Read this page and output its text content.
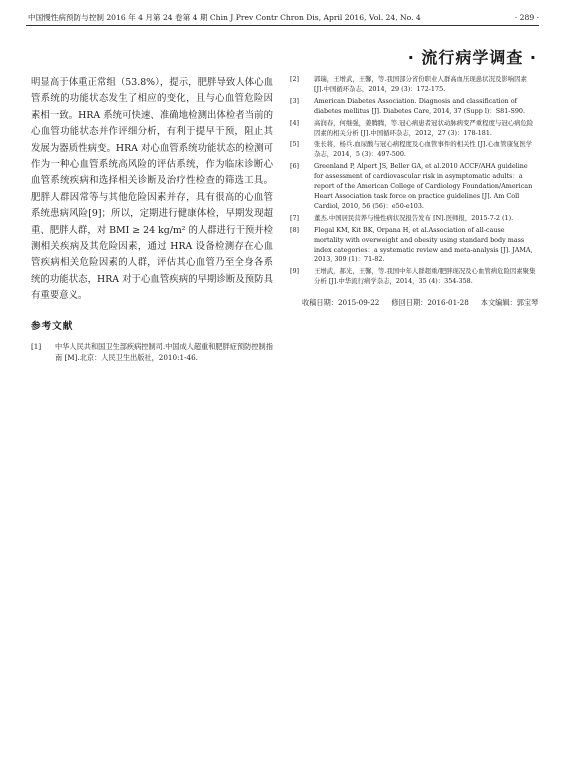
中国慢性病预防与控制 2016 年 4 月第 24 卷第 4 期 Chin J Prev Contr Chron Dis, April 2016, Vol. 24, No. 4	· 289 ·
· 流行病学调查 ·

明显高于体重正常组（53.8%），提示，肥胖导致人体心血管系统的功能状态发生了相应的变化，且与心血管危险因素相一致。HRA 系统可快速、准确地检测出体检者当前的心血管功能状态并作评细分析，有利于提早干预，阻止其发展为器质性病变。HRA 对心血管系统功能状态的检测可作为一种心血管系统高风险的评估系统，作为临床诊断心血管系统疾病和选择相关诊断及治疗性检查的筛选工具。肥胖人群因常等与其他危险因素并存，具有很高的心血管系统患病风险[9]；所以，定期进行健康体检，早期发现超重、肥胖人群，对 BMI ≥ 24 kg/m² 的人群进行干预并检测相关疾病及其危险因素，通过 HRA 设备检测存在心血管疾病相关危险因素的人群，评估其心血管乃至全身各系统的功能状态，HRA 对于心血管疾病的早期诊断及预防具有重要意义。

参考文献
[1] 中华人民共和国卫生部疾病控制司.中国成人超重和肥胖症预防控制指南 [M].北京：人民卫生出版社，2010:1-46.
[2] 郭瑞，王增武，王馨，等.我国部分省份职业人群高血压现患状况及影响因素 [J].中国循环杂志，2014，29 (3)：172-175.
[3] American Diabetes Association. Diagnosis and classification of diabetes mellitus [J]. Diabetes Care, 2014, 37 (Supp l)：S81-S90.
[4] 高润春，何继强，姜腾腾，等.冠心病患者冠状动脉病变严重程度与冠心病危险因素的相关分析 [J].中国循环杂志，2012，27 (3)：178-181.
[5] 张长将，杨兵.血尿酸与冠心病程度及心血管事件的相关性 [J].心血管康复医学杂志，2014，5 (3)：497-500.
[6] Greenland P, Alpert JS, Beller GA, et al.2010 ACCF/AHA guideline for assessment of cardiovascular risk in asymptomatic adults：a report of the American College of Cardiology Foundation/American Heart Association task force on practice guidelines [J]. Am Coll Cardiol, 2010, 56 (56)：e50-e103.
[7] 董杰.中国居民营养与慢性病状况报告发布 [N].医师报，2015-7-2 (1).
[8] Flegal KM, Kit BK, Orpana H, et al.Association of all-cause mortality with overweight and obesity using standard body mass index categories：a systematic review and meta-analysis [J]. JAMA, 2013, 309 (1)：71-82.
[9] 王增武，郝光，王馨，等.我国中年人群超重/肥胖现况及心血管病危险因素聚集分析 [J].中华流行病学杂志，2014，35 (4)：354-358.
收稿日期：2015-09-22 修回日期：2016-01-28 本文编辑：郭宝琴
